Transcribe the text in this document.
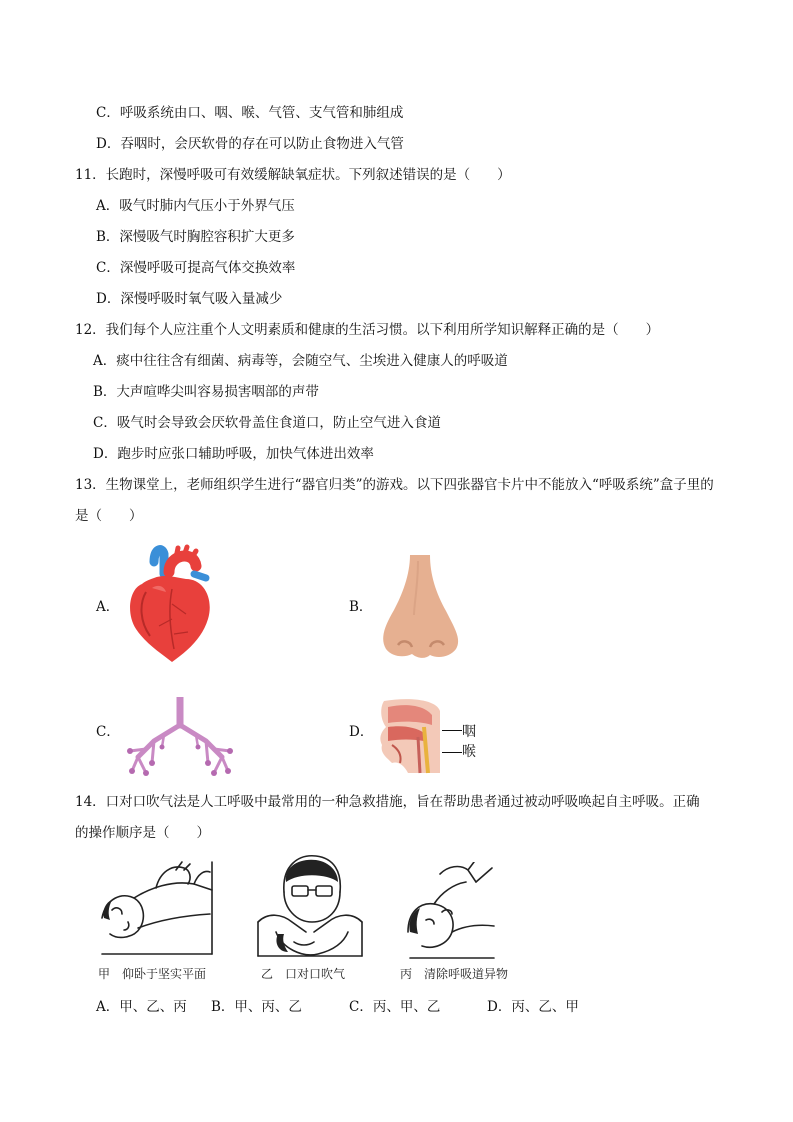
C．呼吸系统由口、咽、喉、气管、支气管和肺组成
D．吞咽时，会厌软骨的存在可以防止食物进入气管
11．长跑时，深慢呼吸可有效缓解缺氧症状。下列叙述错误的是（　　）
A．吸气时肺内气压小于外界气压
B．深慢吸气时胸腔容积扩大更多
C．深慢呼吸可提高气体交换效率
D．深慢呼吸时氧气吸入量减少
12．我们每个人应注重个人文明素质和健康的生活习惯。以下利用所学知识解释正确的是（　　）
A．痰中往往含有细菌、病毒等，会随空气、尘埃进入健康人的呼吸道
B．大声喧哗尖叫容易损害咽部的声带
C．吸气时会导致会厌软骨盖住食道口，防止空气进入食道
D．跑步时应张口辅助呼吸，加快气体进出效率
13．生物课堂上，老师组织学生进行“器官归类”的游戏。以下四张器官卡片中不能放入“呼吸系统”盒子里的
是（　　）
A．	B．
C．	D．	咽
喉
14．口对口吹气法是人工呼吸中最常用的一种急救措施，旨在帮助患者通过被动呼吸唤起自主呼吸。正确
的操作顺序是（　　）
甲　仰卧于坚实平面	乙　口对口吹气	丙　清除呼吸道异物
A．甲、乙、丙 B．甲、丙、乙	C．丙、甲、乙	D．丙、乙、甲
